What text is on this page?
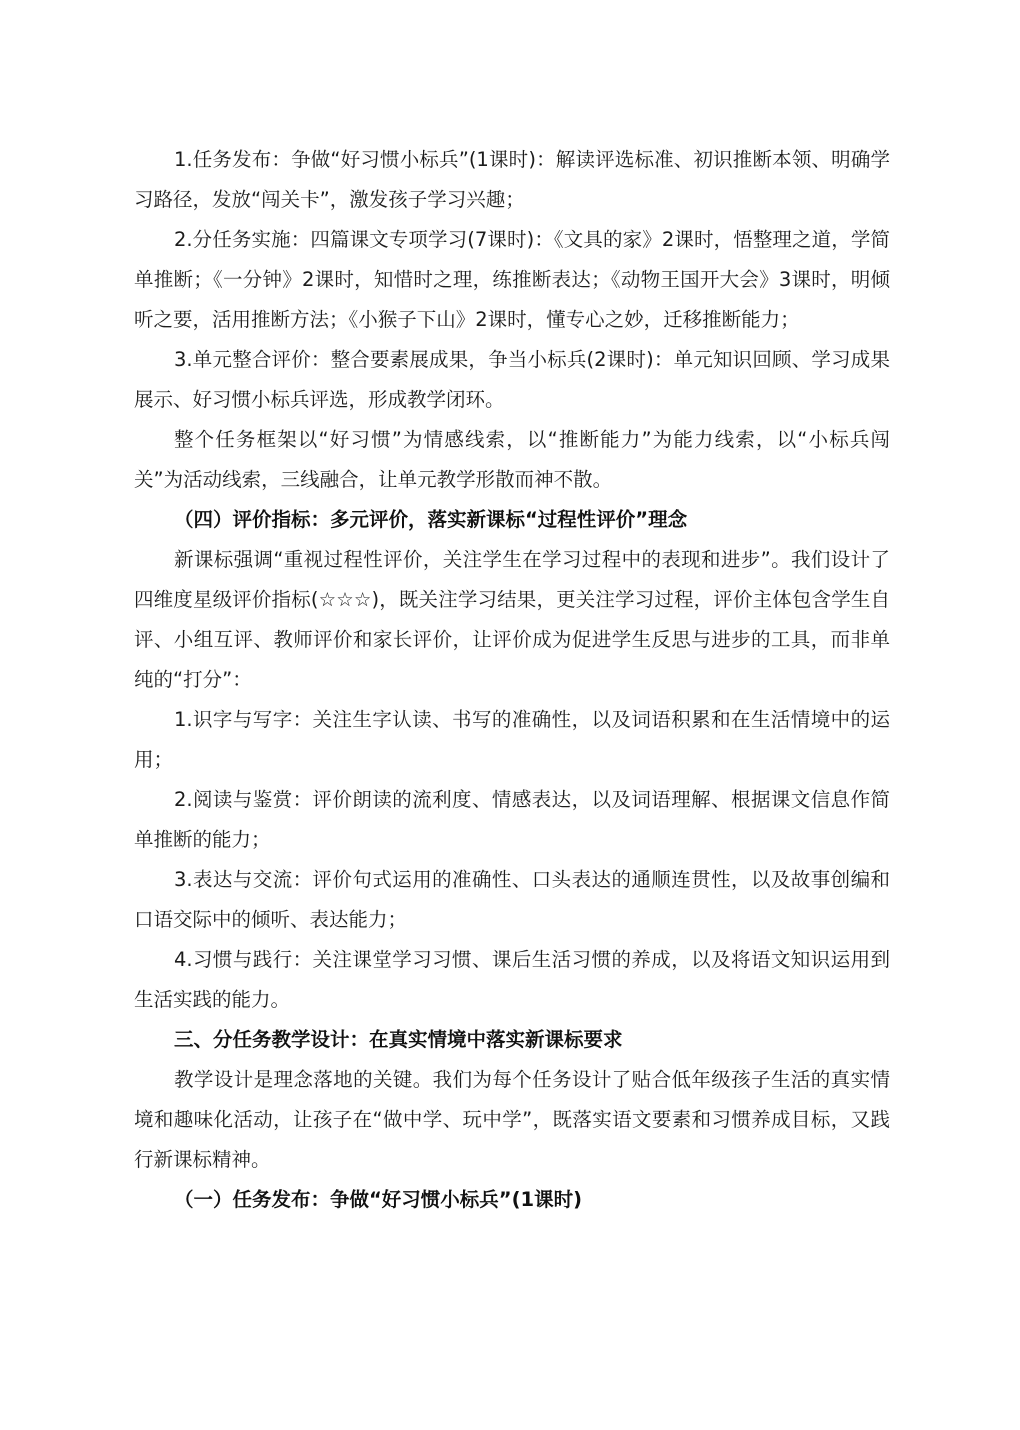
1.任务发布：争做“好习惯小标兵”(1课时)：解读评选标准、初识推断本领、明确学习路径，发放“闯关卡”，激发孩子学习兴趣；

2.分任务实施：四篇课文专项学习(7课时)：《文具的家》2课时，悟整理之道，学简单推断；《一分钟》2课时，知惜时之理，练推断表达；《动物王国开大会》3课时，明倾听之要，活用推断方法；《小猴子下山》2课时，懂专心之妙，迁移推断能力；

3.单元整合评价：整合要素展成果，争当小标兵(2课时)：单元知识回顾、学习成果展示、好习惯小标兵评选，形成教学闭环。

整个任务框架以“好习惯”为情感线索，以“推断能力”为能力线索，以“小标兵闯关”为活动线索，三线融合，让单元教学形散而神不散。

（四）评价指标：多元评价，落实新课标“过程性评价”理念

新课标强调“重视过程性评价，关注学生在学习过程中的表现和进步”。我们设计了四维度星级评价指标(☆☆☆)，既关注学习结果，更关注学习过程，评价主体包含学生自评、小组互评、教师评价和家长评价，让评价成为促进学生反思与进步的工具，而非单纯的“打分”：

1.识字与写字：关注生字认读、书写的准确性，以及词语积累和在生活情境中的运用；

2.阅读与鉴赏：评价朗读的流利度、情感表达，以及词语理解、根据课文信息作简单推断的能力；

3.表达与交流：评价句式运用的准确性、口头表达的通顺连贯性，以及故事创编和口语交际中的倾听、表达能力；

4.习惯与践行：关注课堂学习习惯、课后生活习惯的养成，以及将语文知识运用到生活实践的能力。

三、分任务教学设计：在真实情境中落实新课标要求

教学设计是理念落地的关键。我们为每个任务设计了贴合低年级孩子生活的真实情境和趣味化活动，让孩子在“做中学、玩中学”，既落实语文要素和习惯养成目标，又践行新课标精神。

（一）任务发布：争做“好习惯小标兵”(1课时)
